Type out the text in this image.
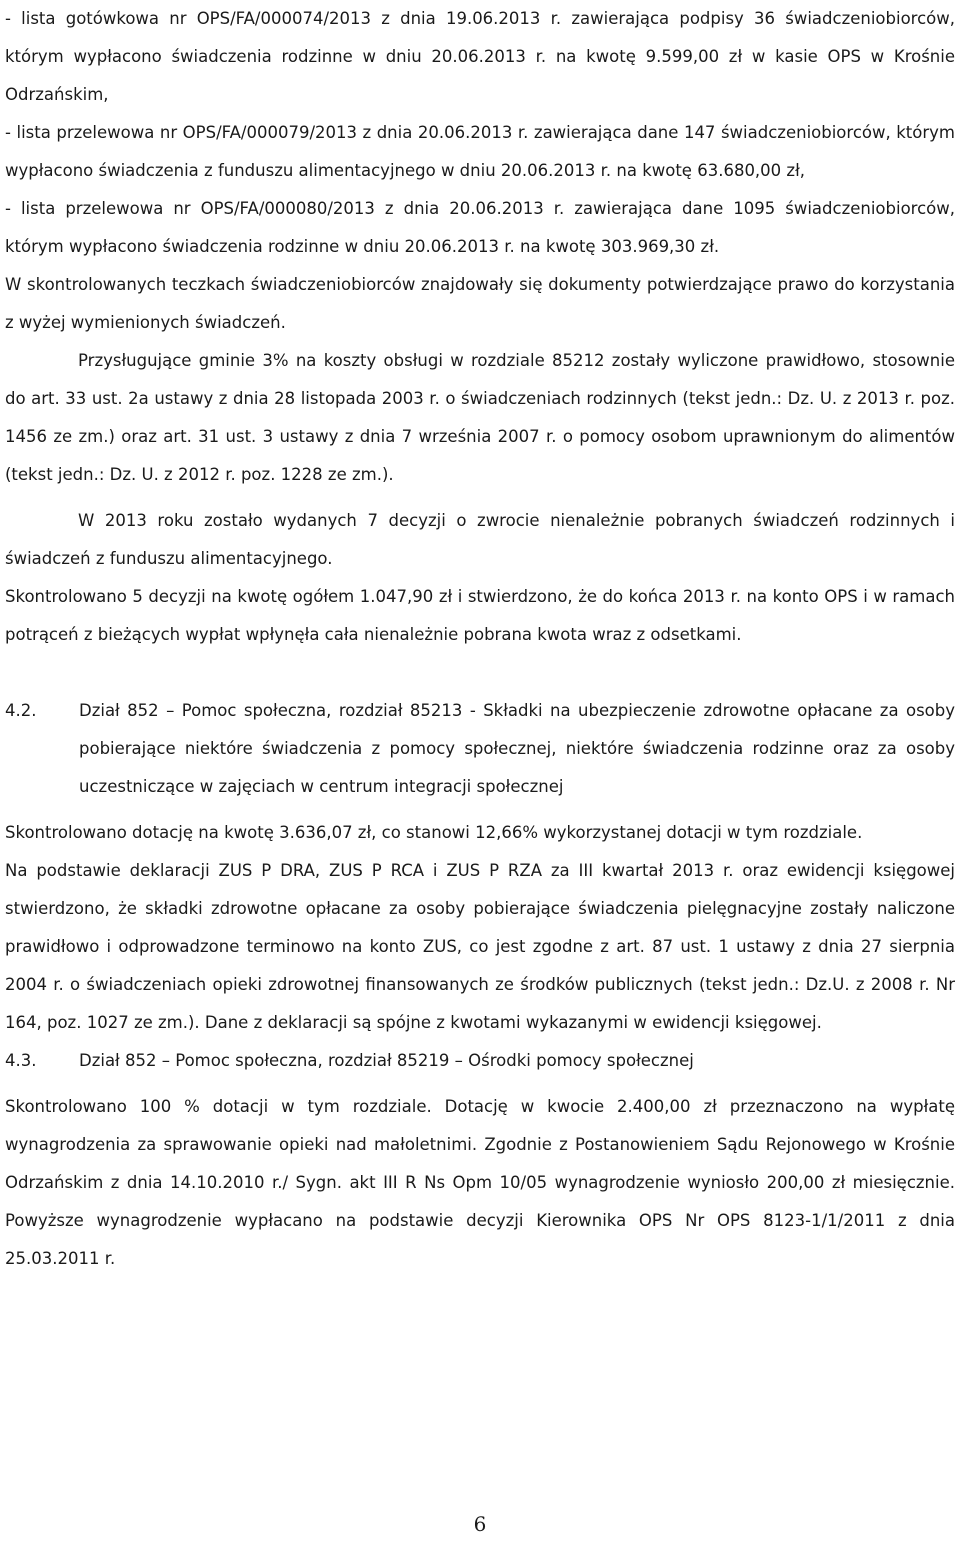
- lista gotówkowa nr OPS/FA/000074/2013 z dnia 19.06.2013 r. zawierająca podpisy 36 świadczeniobiorców, którym wypłacono świadczenia rodzinne w dniu 20.06.2013 r. na kwotę 9.599,00 zł w kasie OPS w Krośnie Odrzańskim,

- lista przelewowa nr OPS/FA/000079/2013 z dnia 20.06.2013 r. zawierająca dane 147 świadczeniobiorców, którym wypłacono świadczenia z funduszu alimentacyjnego w dniu 20.06.2013 r. na kwotę 63.680,00 zł,

- lista przelewowa nr OPS/FA/000080/2013 z dnia 20.06.2013 r. zawierająca dane 1095 świadczeniobiorców, którym wypłacono świadczenia rodzinne w dniu 20.06.2013 r. na kwotę 303.969,30 zł.

W skontrolowanych teczkach świadczeniobiorców znajdowały się dokumenty potwierdzające prawo do korzystania z wyżej wymienionych świadczeń.

Przysługujące gminie 3% na koszty obsługi w rozdziale 85212 zostały wyliczone prawidłowo, stosownie do art. 33 ust. 2a ustawy z dnia 28 listopada 2003 r. o świadczeniach rodzinnych (tekst jedn.: Dz. U. z 2013 r. poz. 1456 ze zm.) oraz art. 31 ust. 3 ustawy z dnia 7 września 2007 r. o pomocy osobom uprawnionym do alimentów (tekst jedn.: Dz. U. z 2012 r. poz. 1228 ze zm.).

W 2013 roku zostało wydanych 7 decyzji o zwrocie nienależnie pobranych świadczeń rodzinnych i świadczeń z funduszu alimentacyjnego.

Skontrolowano 5 decyzji na kwotę ogółem 1.047,90 zł i stwierdzono, że do końca 2013 r. na konto OPS i w ramach potrąceń z bieżących wypłat wpłynęła cała nienależnie pobrana kwota wraz z odsetkami.

4.2.	Dział 852 – Pomoc społeczna, rozdział 85213 - Składki na ubezpieczenie zdrowotne opłacane za osoby pobierające niektóre świadczenia z pomocy społecznej, niektóre świadczenia rodzinne oraz za osoby uczestniczące w zajęciach w centrum integracji społecznej

Skontrolowano dotację na kwotę 3.636,07 zł, co stanowi 12,66% wykorzystanej dotacji w tym rozdziale.

Na podstawie deklaracji ZUS P DRA, ZUS P RCA i ZUS P RZA za III kwartał 2013 r. oraz ewidencji księgowej stwierdzono, że składki zdrowotne opłacane za osoby pobierające świadczenia pielęgnacyjne zostały naliczone prawidłowo i odprowadzone terminowo na konto ZUS, co jest zgodne z art. 87 ust. 1 ustawy z dnia 27 sierpnia 2004 r. o świadczeniach opieki zdrowotnej finansowanych ze środków publicznych (tekst jedn.: Dz.U. z 2008 r. Nr 164, poz. 1027 ze zm.). Dane z deklaracji są spójne z kwotami wykazanymi w ewidencji księgowej.

4.3.	Dział 852 – Pomoc społeczna, rozdział 85219 – Ośrodki pomocy społecznej

Skontrolowano 100 % dotacji w tym rozdziale. Dotację w kwocie 2.400,00 zł przeznaczono na wypłatę wynagrodzenia za sprawowanie opieki nad małoletnimi. Zgodnie z Postanowieniem Sądu Rejonowego w Krośnie Odrzańskim z dnia 14.10.2010 r./ Sygn. akt III R Ns Opm 10/05 wynagrodzenie wyniosło 200,00 zł miesięcznie. Powyższe wynagrodzenie wypłacano na podstawie decyzji Kierownika OPS Nr OPS 8123-1/1/2011 z dnia 25.03.2011 r.

6
